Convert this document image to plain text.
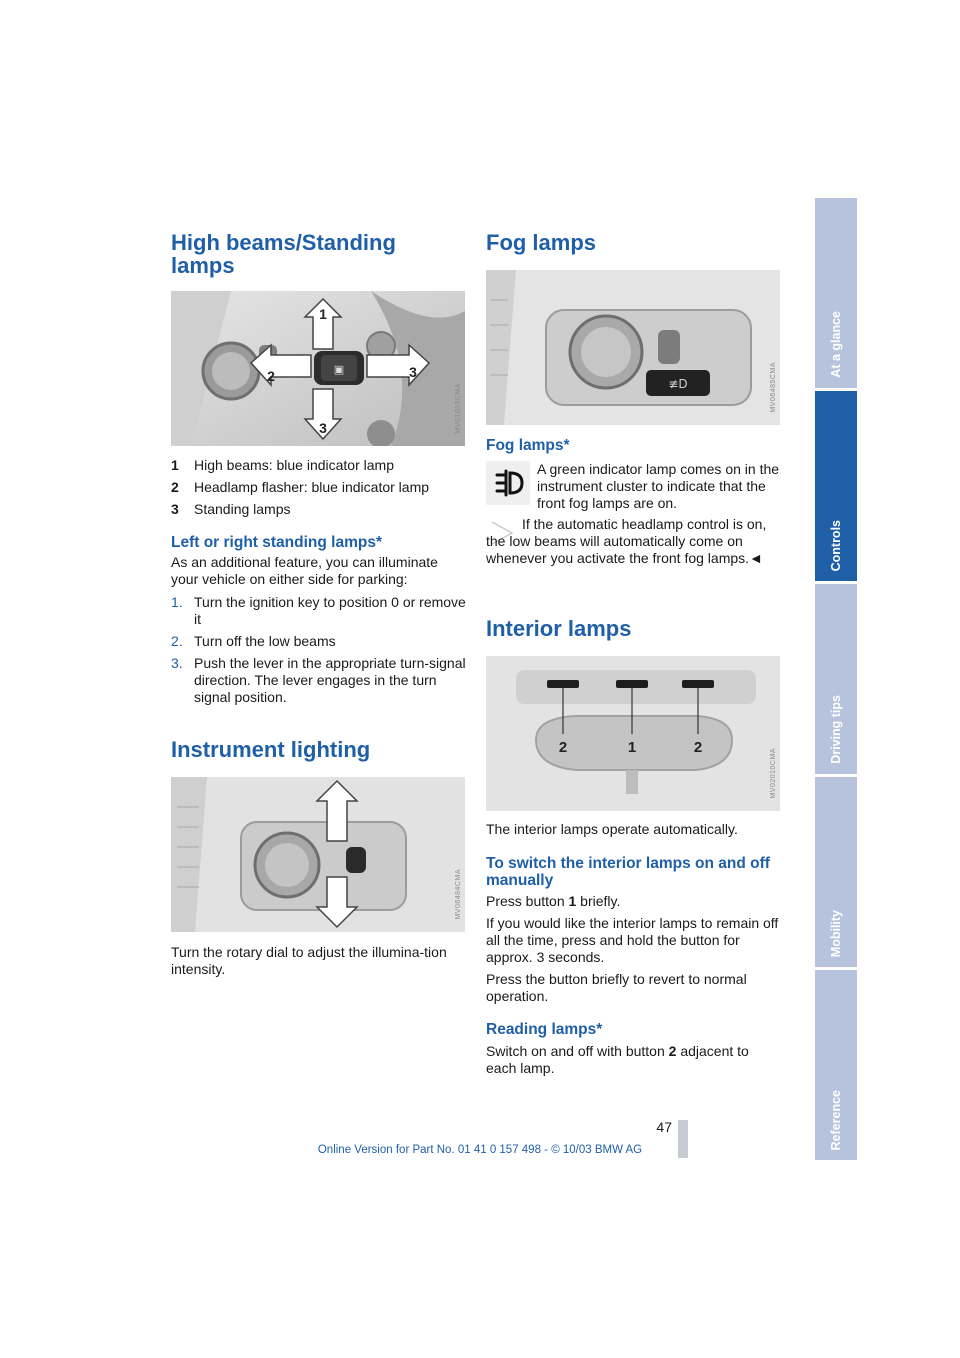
At a glance
Controls
Driving tips
Mobility
Reference
High beams/Standing lamps
▣
1
2	3
3	MV01059CMA
1 High beams: blue indicator lamp
2 Headlamp flasher: blue indicator lamp
3 Standing lamps
Left or right standing lamps*

As an additional feature, you can illuminate your vehicle on either side for parking:

1. Turn the ignition key to position 0 or remove it
2. Turn off the low beams
3. Push the lever in the appropriate turn-signal direction. The lever engages in the turn signal position.
Instrument lighting
MV06484CMA

Turn the rotary dial to adjust the illumina-tion intensity.

Fog lamps
≢D	MV06485CMA
Fog lamps*

A green indicator lamp comes on in the instrument cluster to indicate that the front fog lamps are on.

If the automatic headlamp control is on, the low beams will automatically come on whenever you activate the front fog lamps.◄

Interior lamps
2	1	2
MV02010CMA

The interior lamps operate automatically.

To switch the interior lamps on and off manually

Press button 1 briefly.

If you would like the interior lamps to remain off all the time, press and hold the button for approx. 3 seconds.

Press the button briefly to revert to normal operation.

Reading lamps*

Switch on and off with button 2 adjacent to each lamp.

47
Online Version for Part No. 01 41 0 157 498 - © 10/03 BMW AG
